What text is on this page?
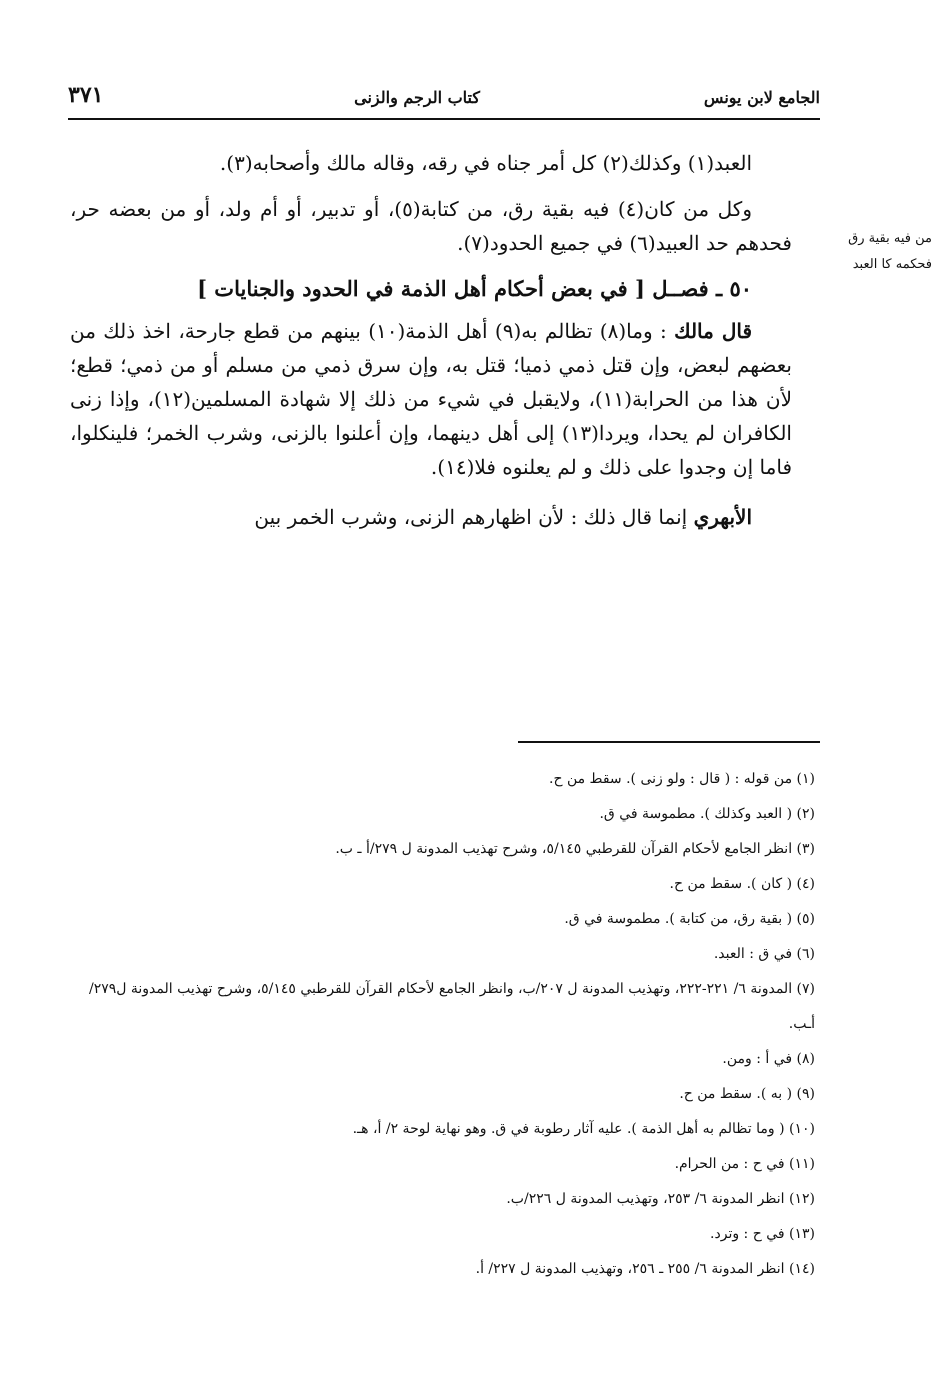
الجامع لابن يونس
كتاب الرجم والزنى
٣٧١
من فيه بقية رق
فحكمه كا العبد

العبد(١) وكذلك(٢) كل أمر جناه في رقه، وقاله مالك وأصحابه(٣).

وكل من كان(٤) فيه بقية رق، من كتابة(٥)، أو تدبير، أو أم ولد، أو من بعضه حر، فحدهم حد العبيد(٦) في جميع الحدود(٧).

٥٠ ـ فصــل [ في بعض أحكام أهل الذمة في الحدود والجنايات ]

قال مالك : وما(٨) تظالم به(٩) أهل الذمة(١٠) بينهم من قطع جارحة، اخذ ذلك من بعضهم لبعض، وإن قتل ذمي ذميا؛ قتل به، وإن سرق ذمي من مسلم أو من ذمي؛ قطع؛ لأن هذا من الحرابة(١١)، ولايقبل في شيء من ذلك إلا شهادة المسلمين(١٢)، وإذا زنى الكافران لم يحدا، ويردا(١٣) إلى أهل دينهما، وإن أعلنوا بالزنى، وشرب الخمر؛ فلينكلوا، فاما إن وجدوا على ذلك و لم يعلنوه فلا(١٤).

الأبهري إنما قال ذلك : لأن اظهارهم الزنى، وشرب الخمر بين

(١) من قوله : ( قال : ولو زنى ). سقط من ح.

(٢) ( العبد وكذلك ). مطموسة في ق.

(٣) انظر الجامع لأحكام القرآن للقرطبي ٥/١٤٥، وشرح تهذيب المدونة ل ٢٧٩/أ ـ ب.

(٤) ( كان ). سقط من ح.

(٥) ( بقية رق، من كتابة ). مطموسة في ق.

(٦) في ق : العبد.

(٧) المدونة ٦/ ٢٢١-٢٢٢، وتهذيب المدونة ل ٢٠٧/ب، وانظر الجامع لأحكام القرآن للقرطبي ٥/١٤٥، وشرح تهذيب المدونة ل٢٧٩/أـب.

(٨) في أ : ومن.

(٩) ( به ). سقط من ح.

(١٠) ( وما تظالم به أهل الذمة ). عليه آثار رطوبة في ق. وهو نهاية لوحة ٢/ أ، هـ.

(١١) في ح : من الحرام.

(١٢) انظر المدونة ٦/ ٢٥٣، وتهذيب المدونة ل ٢٢٦/ب.

(١٣) في ح : وترد.

(١٤) انظر المدونة ٦/ ٢٥٥ ـ ٢٥٦، وتهذيب المدونة ل ٢٢٧/ أ.
